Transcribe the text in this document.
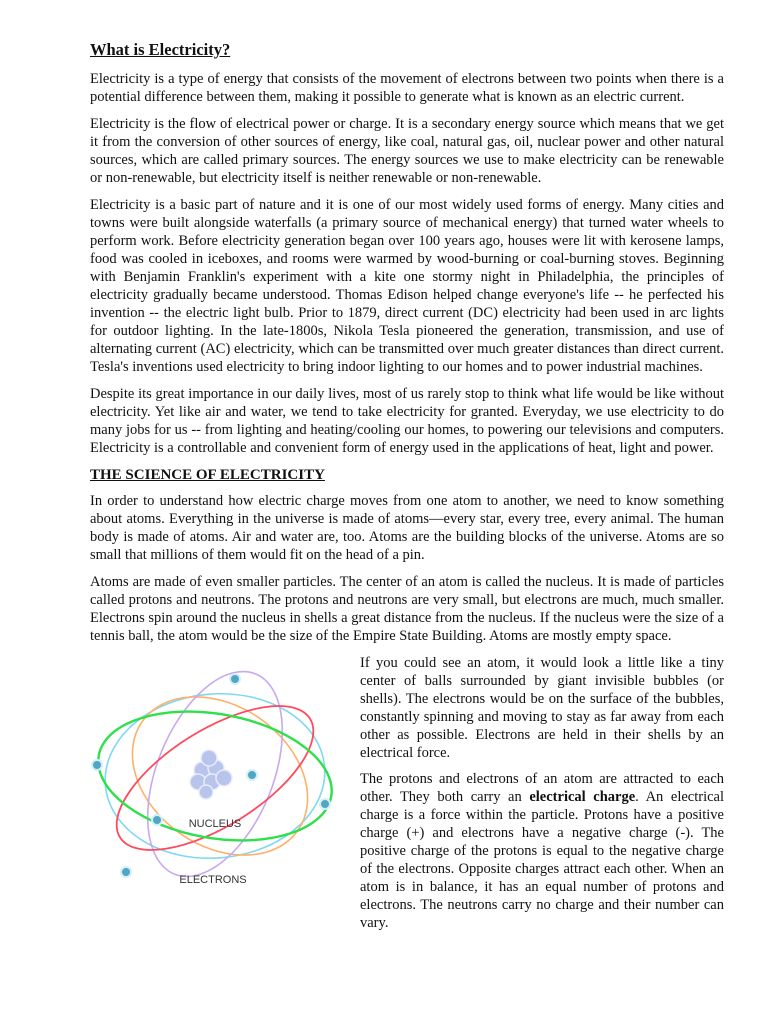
What is Electricity?

Electricity is a type of energy that consists of the movement of electrons between two points when there is a potential difference between them, making it possible to generate what is known as an electric current.

Electricity is the flow of electrical power or charge. It is a secondary energy source which means that we get it from the conversion of other sources of energy, like coal, natural gas, oil, nuclear power and other natural sources, which are called primary sources. The energy sources we use to make electricity can be renewable or non-renewable, but electricity itself is neither renewable or non-renewable.

Electricity is a basic part of nature and it is one of our most widely used forms of energy. Many cities and towns were built alongside waterfalls (a primary source of mechanical energy) that turned water wheels to perform work. Before electricity generation began over 100 years ago, houses were lit with kerosene lamps, food was cooled in iceboxes, and rooms were warmed by wood-burning or coal-burning stoves. Beginning with Benjamin Franklin's experiment with a kite one stormy night in Philadelphia, the principles of electricity gradually became understood. Thomas Edison helped change everyone's life -- he perfected his invention -- the electric light bulb. Prior to 1879, direct current (DC) electricity had been used in arc lights for outdoor lighting. In the late-1800s, Nikola Tesla pioneered the generation, transmission, and use of alternating current (AC) electricity, which can be transmitted over much greater distances than direct current. Tesla's inventions used electricity to bring indoor lighting to our homes and to power industrial machines.

Despite its great importance in our daily lives, most of us rarely stop to think what life would be like without electricity. Yet like air and water, we tend to take electricity for granted. Everyday, we use electricity to do many jobs for us -- from lighting and heating/cooling our homes, to powering our televisions and computers. Electricity is a controllable and convenient form of energy used in the applications of heat, light and power.

THE SCIENCE OF ELECTRICITY

In order to understand how electric charge moves from one atom to another, we need to know something about atoms. Everything in the universe is made of atoms—every star, every tree, every animal. The human body is made of atoms. Air and water are, too. Atoms are the building blocks of the universe. Atoms are so small that millions of them would fit on the head of a pin.

Atoms are made of even smaller particles. The center of an atom is called the nucleus. It is made of particles called protons and neutrons. The protons and neutrons are very small, but electrons are much, much smaller. Electrons spin around the nucleus in shells a great distance from the nucleus. If the nucleus were the size of a tennis ball, the atom would be the size of the Empire State Building. Atoms are mostly empty space.

NUCLEUS
ELECTRONS

If you could see an atom, it would look a little like a tiny center of balls surrounded by giant invisible bubbles (or shells). The electrons would be on the surface of the bubbles, constantly spinning and moving to stay as far away from each other as possible. Electrons are held in their shells by an electrical force.

The protons and electrons of an atom are attracted to each other. They both carry an electrical charge. An electrical charge is a force within the particle. Protons have a positive charge (+) and electrons have a negative charge (-). The positive charge of the protons is equal to the negative charge of the electrons. Opposite charges attract each other. When an atom is in balance, it has an equal number of protons and electrons. The neutrons carry no charge and their number can vary.
